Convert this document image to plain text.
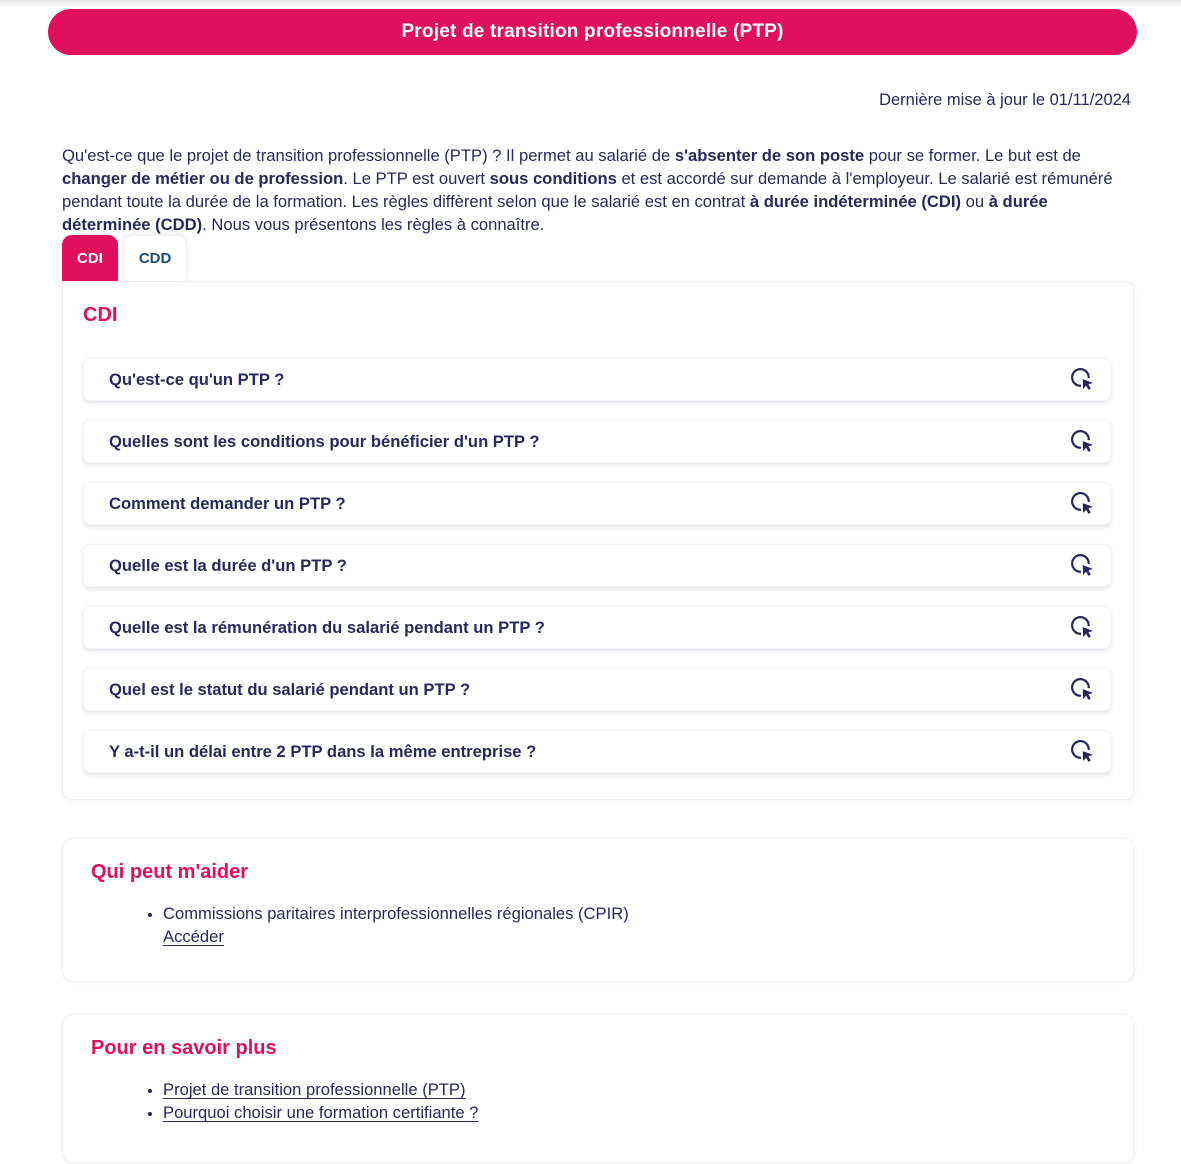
Projet de transition professionnelle (PTP)
Dernière mise à jour le 01/11/2024

Qu'est-ce que le projet de transition professionnelle (PTP) ? Il permet au salarié de s'absenter de son poste pour se former. Le but est de changer de métier ou de profession. Le PTP est ouvert sous conditions et est accordé sur demande à l'employeur. Le salarié est rémunéré pendant toute la durée de la formation. Les règles diffèrent selon que le salarié est en contrat à durée indéterminée (CDI) ou à durée déterminée (CDD). Nous vous présentons les règles à connaître.

CDI CDD
CDI
Qu'est-ce qu'un PTP ?
Quelles sont les conditions pour bénéficier d'un PTP ?
Comment demander un PTP ?
Quelle est la durée d'un PTP ?
Quelle est la rémunération du salarié pendant un PTP ?
Quel est le statut du salarié pendant un PTP ?
Y a-t-il un délai entre 2 PTP dans la même entreprise ?
Qui peut m'aider
• Commissions paritaires interprofessionnelles régionales (CPIR)
Accéder
Pour en savoir plus
• Projet de transition professionnelle (PTP)
• Pourquoi choisir une formation certifiante ?
